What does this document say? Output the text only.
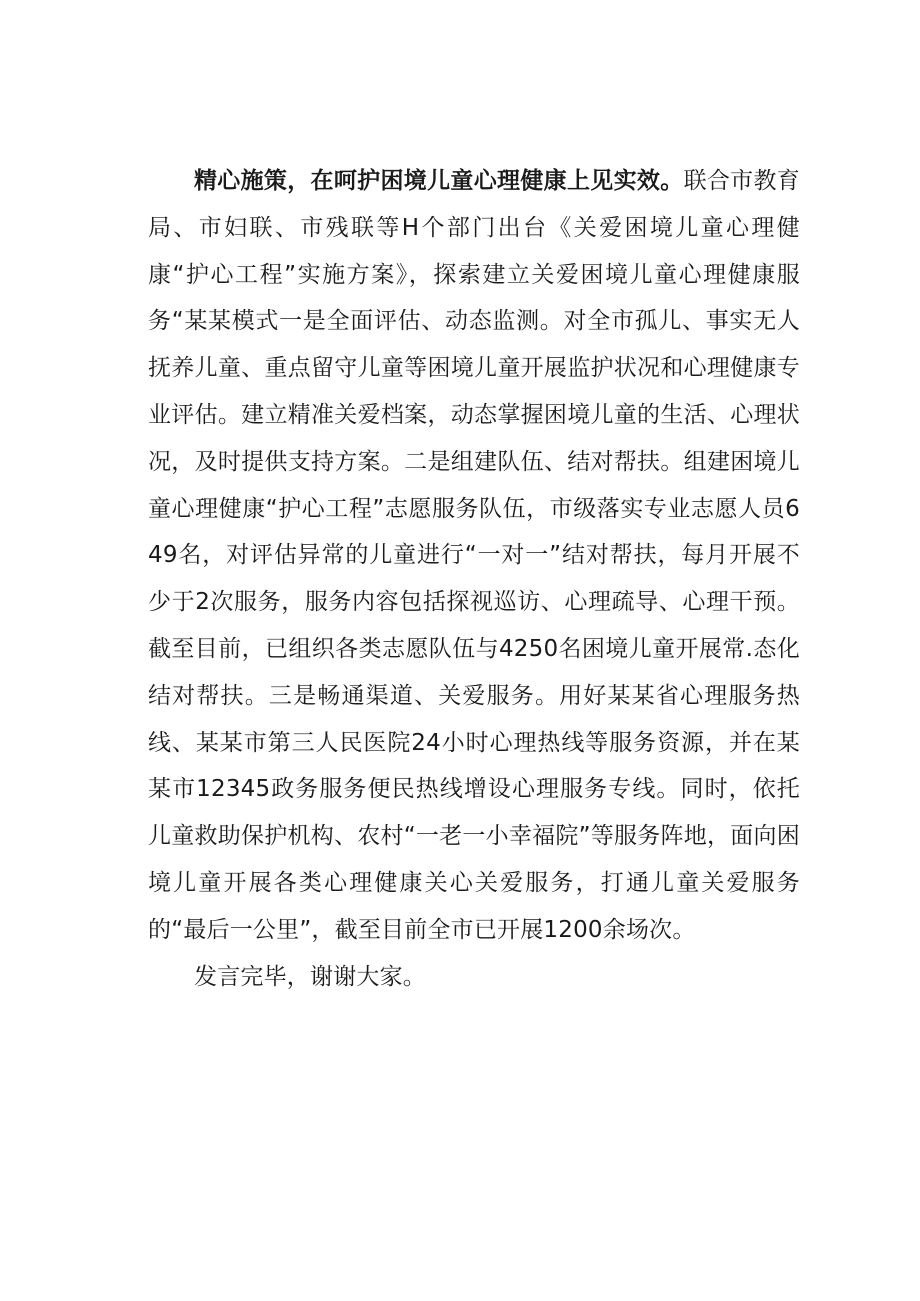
精心施策，在呵护困境儿童心理健康上见实效。联合市教育局、市妇联、市残联等H个部门出台《关爱困境儿童心理健康“护心工程”实施方案》，探索建立关爱困境儿童心理健康服务“某某模式一是全面评估、动态监测。对全市孤儿、事实无人抚养儿童、重点留守儿童等困境儿童开展监护状况和心理健康专业评估。建立精准关爱档案，动态掌握困境儿童的生活、心理状况，及时提供支持方案。二是组建队伍、结对帮扶。组建困境儿童心理健康“护心工程”志愿服务队伍，市级落实专业志愿人员649名，对评估异常的儿童进行“一对一”结对帮扶，每月开展不少于2次服务，服务内容包括探视巡访、心理疏导、心理干预。截至目前，已组织各类志愿队伍与4250名困境儿童开展常.态化结对帮扶。三是畅通渠道、关爱服务。用好某某省心理服务热线、某某市第三人民医院24小时心理热线等服务资源，并在某某市12345政务服务便民热线增设心理服务专线。同时，依托儿童救助保护机构、农村“一老一小幸福院”等服务阵地，面向困境儿童开展各类心理健康关心关爱服务，打通儿童关爱服务的“最后一公里”，截至目前全市已开展1200余场次。

发言完毕，谢谢大家。
